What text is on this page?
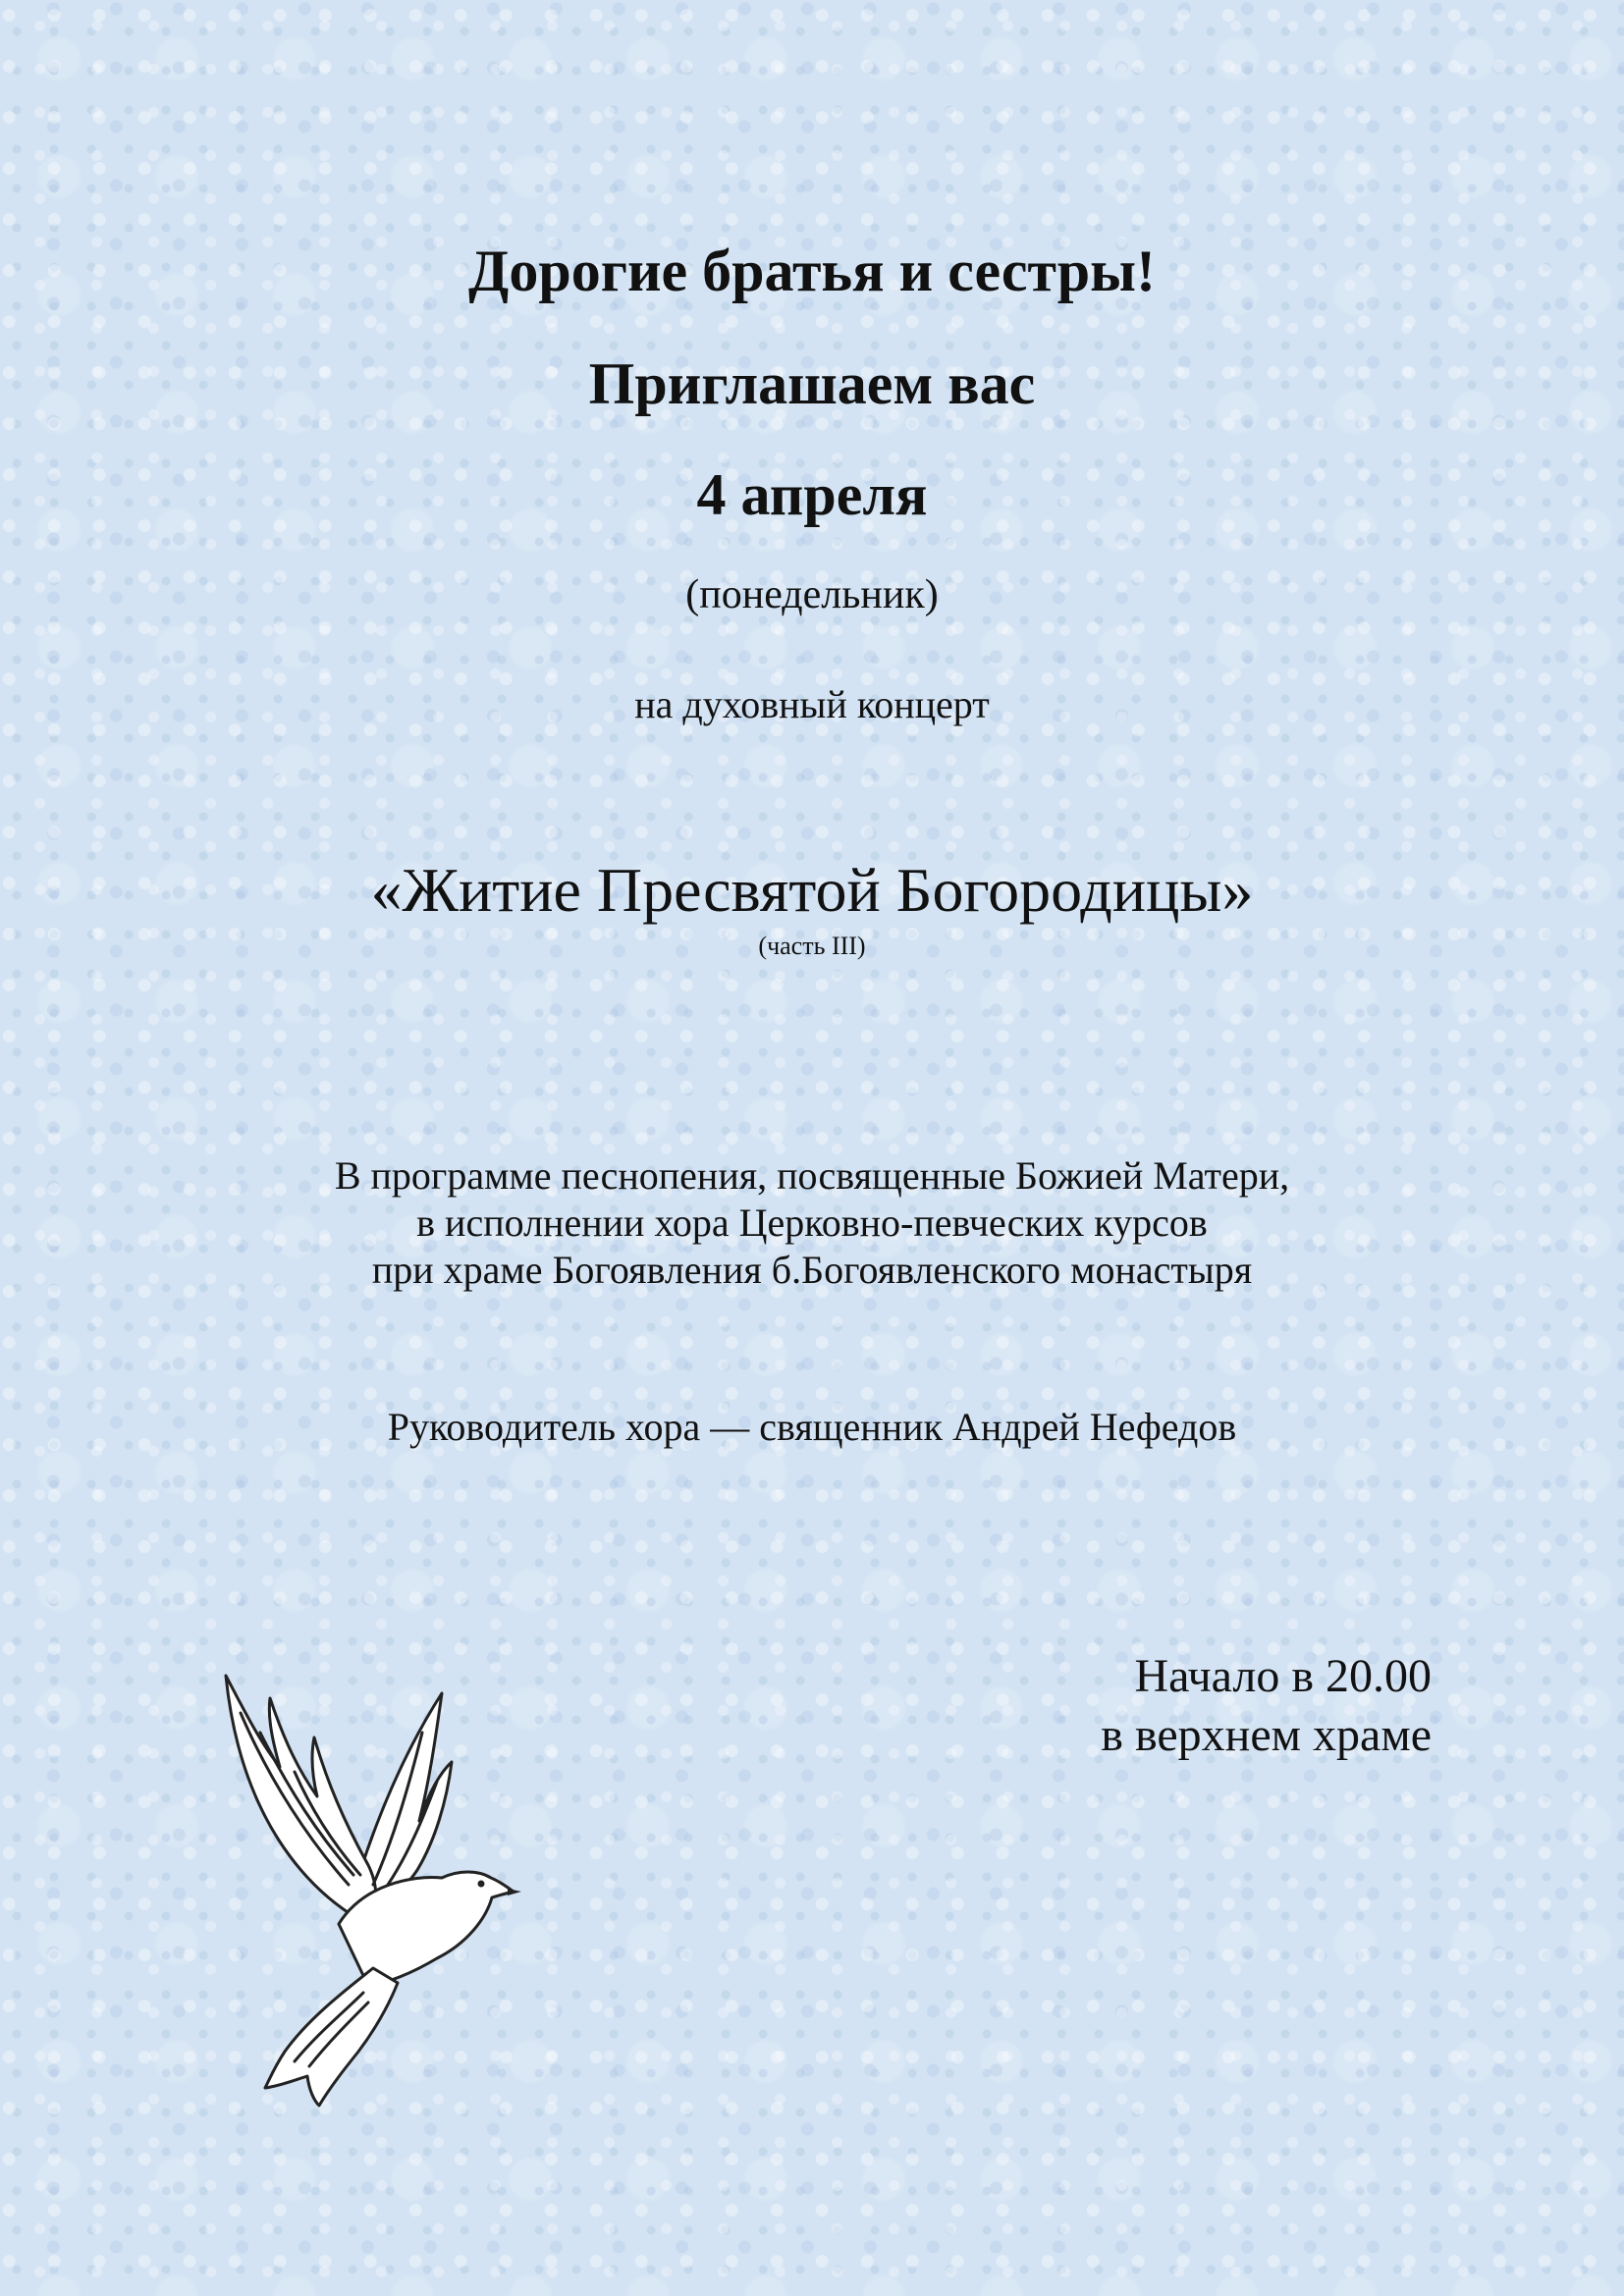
Дорогие братья и сестры!
Приглашаем вас
4 апреля
(понедельник)
на духовный концерт
«Житие Пресвятой Богородицы»
(часть III)
В программе песнопения, посвященные Божией Матери,
в исполнении хора Церковно-певческих курсов
при храме Богоявления б.Богоявленского монастыря
Руководитель хора — священник Андрей Нефедов
Начало в 20.00
в верхнем храме
